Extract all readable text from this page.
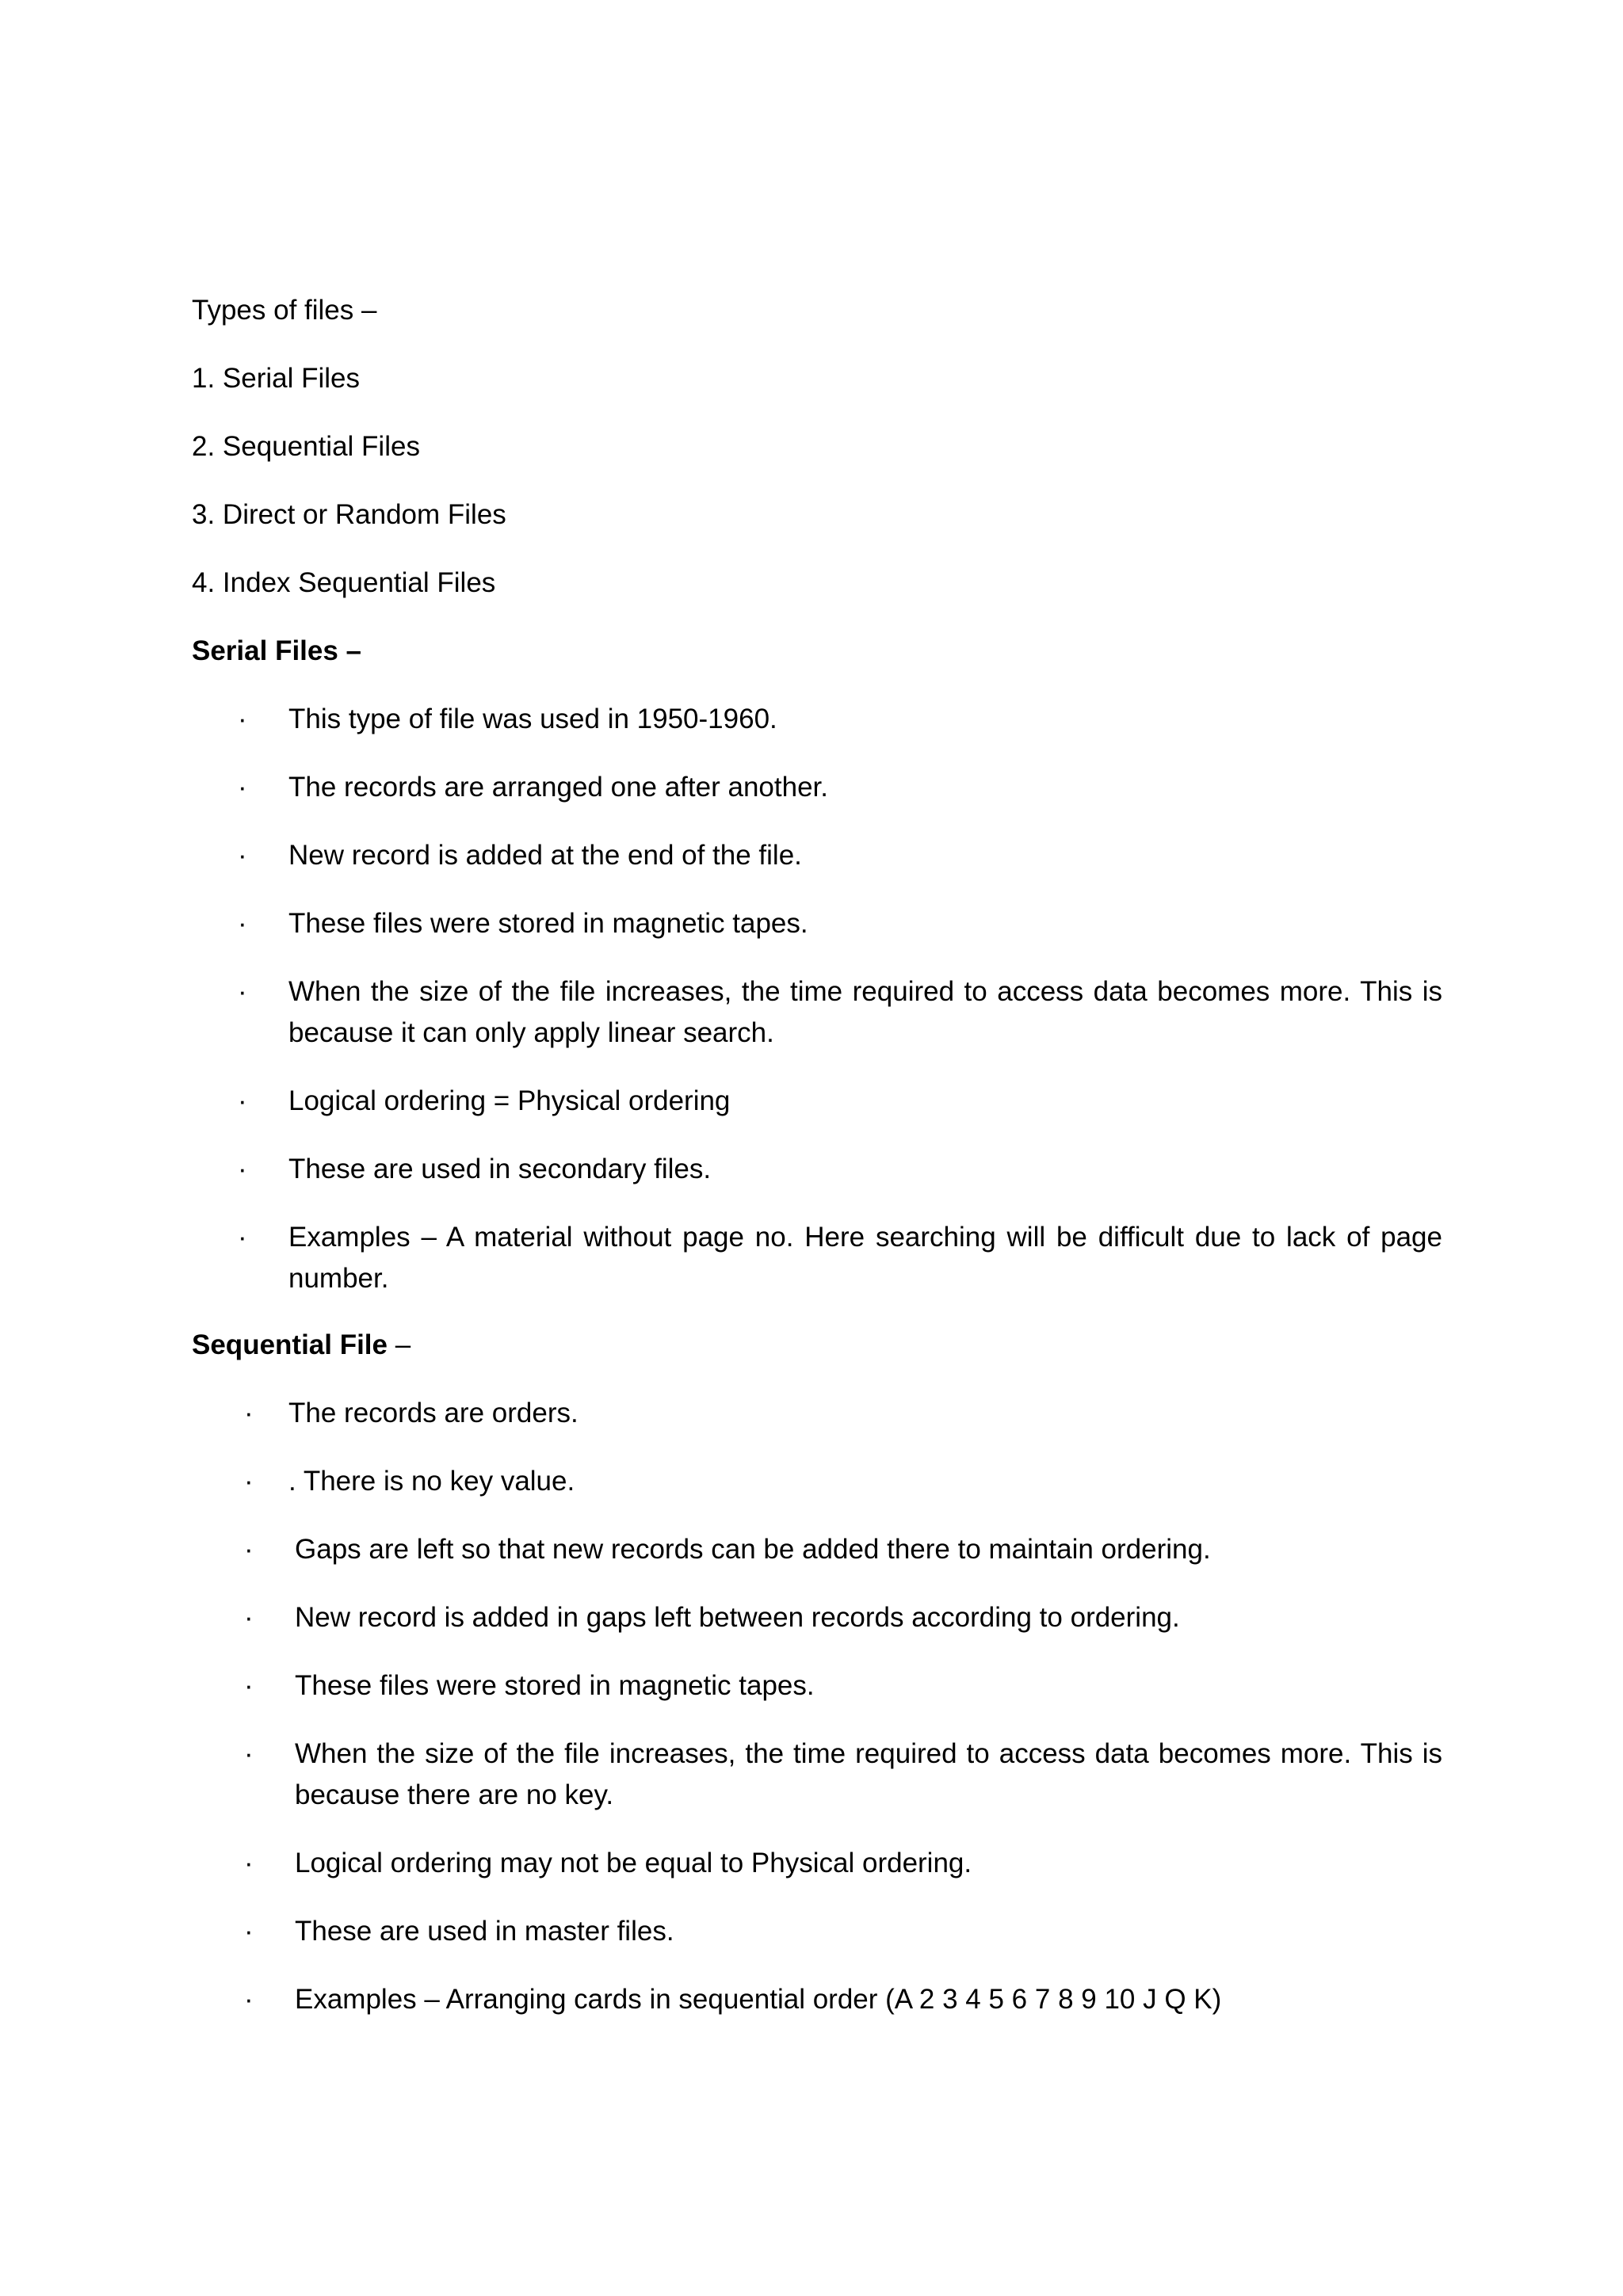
Types of files –
1. Serial Files
2. Sequential Files
3. Direct or Random Files
4. Index Sequential Files
Serial Files –
·	This type of file was used in 1950-1960.
·	The records are arranged one after another.
·	New record is added at the end of the file.
·	These files were stored in magnetic tapes.
·	When the size of the file increases, the time required to access data becomes more. This is because it can only apply linear search.
·	Logical ordering = Physical ordering
·	These are used in secondary files.
·	Examples – A material without page no. Here searching will be difficult due to lack of page number.
Sequential File –
·	The records are orders.
·	. There is no key value.
·	Gaps are left so that new records can be added there to maintain ordering.
·	New record is added in gaps left between records according to ordering.
·	These files were stored in magnetic tapes.
·	When the size of the file increases, the time required to access data becomes more. This is because there are no key.
·	Logical ordering may not be equal to Physical ordering.
·	These are used in master files.
·	Examples – Arranging cards in sequential order (A 2 3 4 5 6 7 8 9 10 J Q K)
